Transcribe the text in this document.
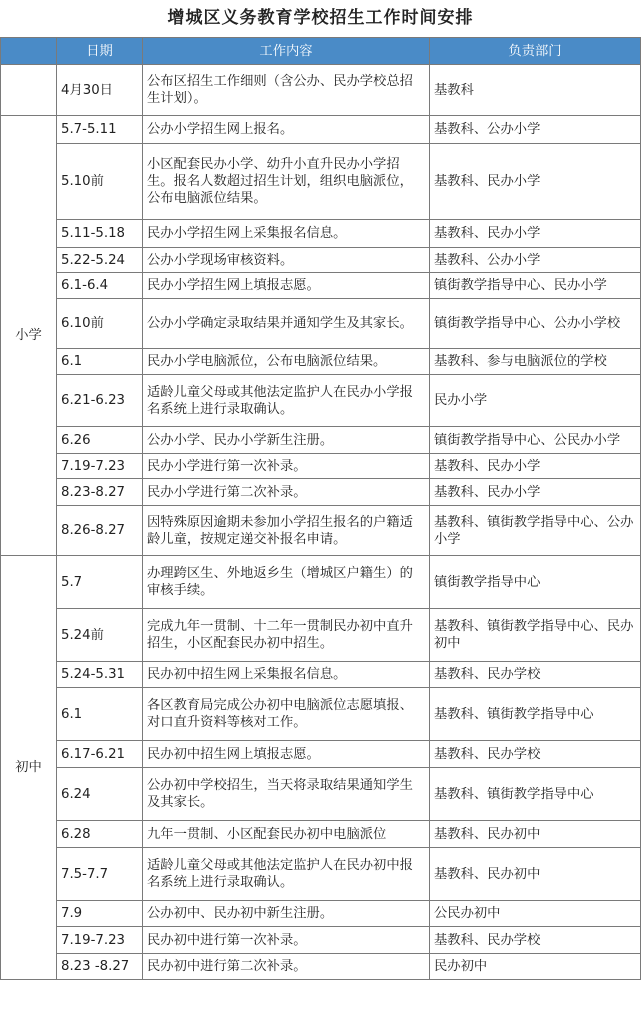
增城区义务教育学校招生工作时间安排
	日期	工作内容	负责部门
	4月30日	公布区招生工作细则（含公办、民办学校总招生计划）。	基教科
小学	5.7-5.11	公办小学招生网上报名。	基教科、公办小学
	5.10前	小区配套民办小学、幼升小直升民办小学招生。报名人数超过招生计划，组织电脑派位，公布电脑派位结果。	基教科、民办小学
	5.11-5.18	民办小学招生网上采集报名信息。	基教科、民办小学
	5.22-5.24	公办小学现场审核资料。	基教科、公办小学
	6.1-6.4	民办小学招生网上填报志愿。	镇街教学指导中心、民办小学
	6.10前	公办小学确定录取结果并通知学生及其家长。	镇街教学指导中心、公办小学校
	6.1	民办小学电脑派位，公布电脑派位结果。	基教科、参与电脑派位的学校
	6.21-6.23	适龄儿童父母或其他法定监护人在民办小学报名系统上进行录取确认。	民办小学
	6.26	公办小学、民办小学新生注册。	镇街教学指导中心、公民办小学
	7.19-7.23	民办小学进行第一次补录。	基教科、民办小学
	8.23-8.27	民办小学进行第二次补录。	基教科、民办小学
	8.26-8.27	因特殊原因逾期未参加小学招生报名的户籍适龄儿童，按规定递交补报名申请。	基教科、镇街教学指导中心、公办小学
初中	5.7	办理跨区生、外地返乡生（增城区户籍生）的审核手续。	镇街教学指导中心
	5.24前	完成九年一贯制、十二年一贯制民办初中直升招生，小区配套民办初中招生。	基教科、镇街教学指导中心、民办初中
	5.24-5.31	民办初中招生网上采集报名信息。	基教科、民办学校
	6.1	各区教育局完成公办初中电脑派位志愿填报、对口直升资料等核对工作。	基教科、镇街教学指导中心
	6.17-6.21	民办初中招生网上填报志愿。	基教科、民办学校
	6.24	公办初中学校招生，当天将录取结果通知学生及其家长。	基教科、镇街教学指导中心
	6.28	九年一贯制、小区配套民办初中电脑派位	基教科、民办初中
	7.5-7.7	适龄儿童父母或其他法定监护人在民办初中报名系统上进行录取确认。	基教科、民办初中
	7.9	公办初中、民办初中新生注册。	公民办初中
	7.19-7.23	民办初中进行第一次补录。	基教科、民办学校
	8.23 -8.27	民办初中进行第二次补录。	民办初中
